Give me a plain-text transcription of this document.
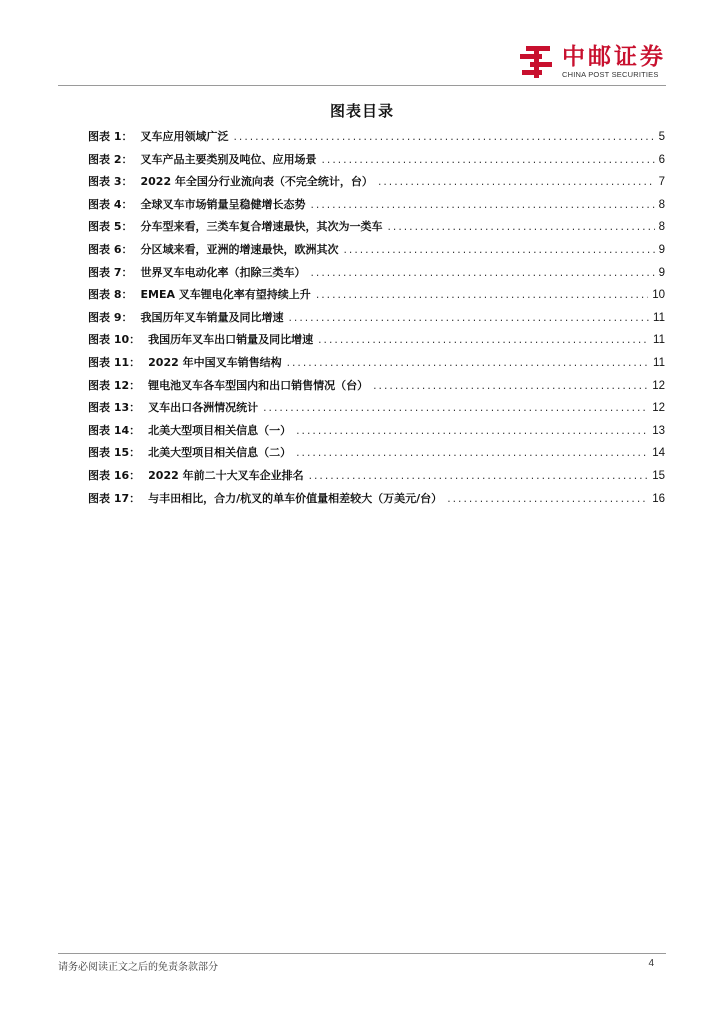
中邮证券
CHINA POST SECURITIES
图表目录
图表 1： 叉车应用领域广泛 .....	5
图表 2： 叉车产品主要类别及吨位、应用场景 .....	6
图表 3： 2022 年全国分行业流向表（不完全统计，台） .....	7
图表 4： 全球叉车市场销量呈稳健增长态势 .....	8
图表 5： 分车型来看，三类车复合增速最快，其次为一类车 .....	8
图表 6： 分区域来看，亚洲的增速最快，欧洲其次 .....	9
图表 7： 世界叉车电动化率（扣除三类车） .....	9
图表 8： EMEA 叉车锂电化率有望持续上升 .....	10
图表 9： 我国历年叉车销量及同比增速 .....	11
图表 10： 我国历年叉车出口销量及同比增速 .....	11
图表 11： 2022 年中国叉车销售结构 .....	11
图表 12： 锂电池叉车各车型国内和出口销售情况（台） .....	12
图表 13： 叉车出口各洲情况统计 .....	12
图表 14： 北美大型项目相关信息（一） .....	13
图表 15： 北美大型项目相关信息（二） .....	14
图表 16： 2022 年前二十大叉车企业排名 .....	15
图表 17： 与丰田相比，合力/杭叉的单车价值量相差较大（万美元/台） .....	16
请务必阅读正文之后的免责条款部分	4
